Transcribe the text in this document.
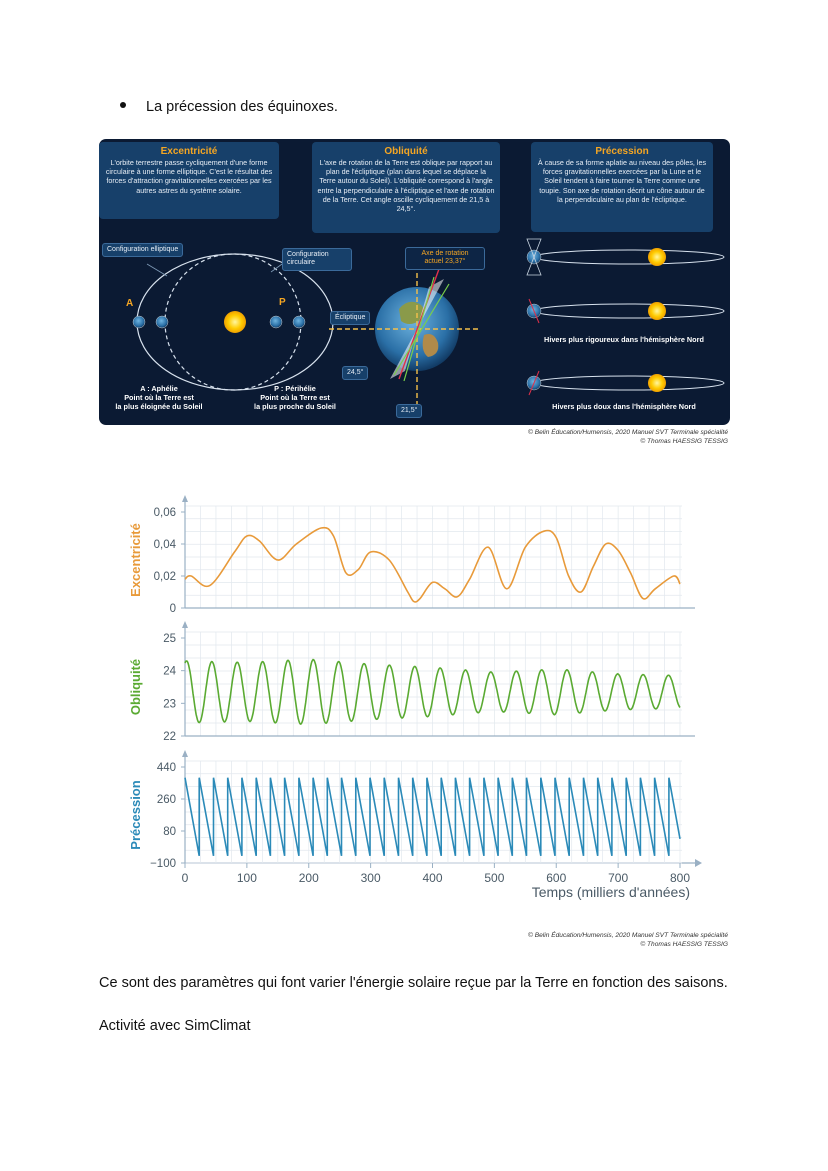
La précession des équinoxes.
Excentricité
L'orbite terrestre passe cycliquement d'une forme circulaire à une forme elliptique. C'est le résultat des forces d'attraction gravitationnelles exercées par les autres astres du système solaire.
Obliquité
L'axe de rotation de la Terre est oblique par rapport au plan de l'écliptique (plan dans lequel se déplace la Terre autour du Soleil). L'obliquité correspond à l'angle entre la perpendiculaire à l'écliptique et l'axe de rotation de la Terre. Cet angle oscille cycliquement de 21,5 à 24,5°.
Précession
À cause de sa forme aplatie au niveau des pôles, les forces gravitationnelles exercées par la Lune et le Soleil tendent à faire tourner la Terre comme une toupie. Son axe de rotation décrit un cône autour de la perpendiculaire au plan de l'écliptique.
Configuration elliptique
Configuration circulaire
A	P
A : Aphélie
Point où la Terre est
la plus éloignée du Soleil
P : Périhélie
Point où la Terre est
la plus proche du Soleil
Axe de rotation
actuel 23,37°
Écliptique
24,5°
21,5°
Hivers plus rigoureux dans l'hémisphère Nord
Hivers plus doux dans l'hémisphère Nord
© Belin Éducation/Humensis, 2020 Manuel SVT Terminale spécialité
© Thomas HAESSIG TESSIG
0,06
0,04
0,02
0
Excentricité
25
24
23
22
Obliquité
440
260
80
−100
Précession
0	100	200	300	400	500	600	700	800
Temps (milliers d'années)
© Belin Éducation/Humensis, 2020 Manuel SVT Terminale spécialité
© Thomas HAESSIG TESSIG
Ce sont des paramètres qui font varier l'énergie solaire reçue par la Terre en fonction des saisons.
Activité avec SimClimat
